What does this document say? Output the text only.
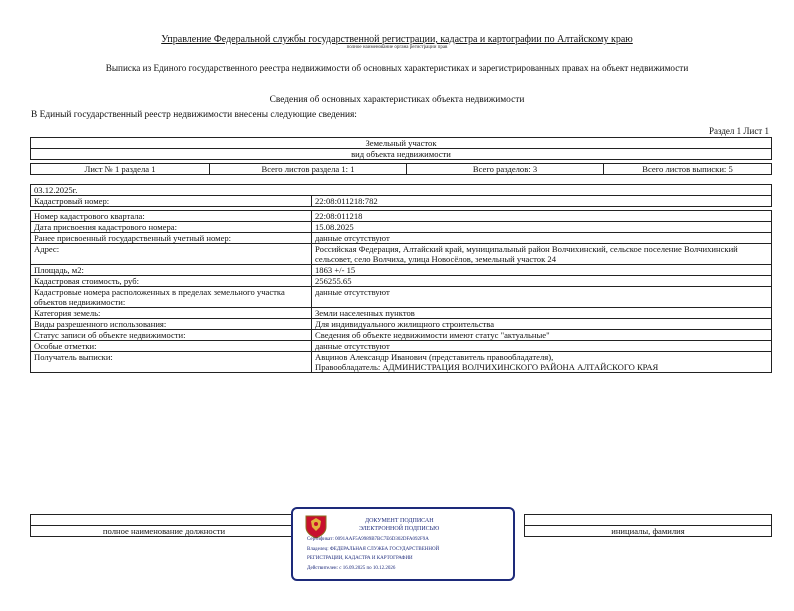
Управление Федеральной службы государственной регистрации, кадастра и картографии по Алтайскому краю
полное наименование органа регистрации прав
Выписка из Единого государственного реестра недвижимости об основных характеристиках и зарегистрированных правах на объект недвижимости
Сведения об основных характеристиках объекта недвижимости
В Единый государственный реестр недвижимости внесены следующие сведения:
Раздел 1 Лист 1
Земельный участок
вид объекта недвижимости

Лист № 1 раздела 1	Всего листов раздела 1: 1	Всего разделов: 3	Всего листов выписки: 5
03.12.2025г.	
Кадастровый номер:	22:08:011218:782

Номер кадастрового квартала:	22:08:011218
Дата присвоения кадастрового номера:	15.08.2025
Ранее присвоенный государственный учетный номер:	данные отсутствуют
Адрес:	Российская Федерация, Алтайский край, муниципальный район Волчихинский, сельское поселение Волчихинский сельсовет, село Волчиха, улица Новосёлов, земельный участок 24
Площадь, м2:	1863 +/- 15
Кадастровая стоимость, руб:	256255.65
Кадастровые номера расположенных в пределах земельного участка объектов недвижимости:	данные отсутствуют
Категория земель:	Земли населенных пунктов
Виды разрешенного использования:	Для индивидуального жилищного строительства
Статус записи об объекте недвижимости:	Сведения об объекте недвижимости имеют статус "актуальные"
Особые отметки:	данные отсутствуют
Получатель выписки:	Авцинов Александр Иванович (представитель правообладателя),
Правообладатель: АДМИНИСТРАЦИЯ ВОЛЧИХИНСКОГО РАЙОНА АЛТАЙСКОГО КРАЯ

полное наименование должности		инициалы, фамилия
ДОКУМЕНТ ПОДПИСАН
ЭЛЕКТРОННОЙ ПОДПИСЬЮ
Сертификат: 0091AAF5A9989B7BC7E6D302DFA092F9A
Владелец: ФЕДЕРАЛЬНАЯ СЛУЖБА ГОСУДАРСТВЕННОЙ
РЕГИСТРАЦИИ, КАДАСТРА И КАРТОГРАФИИ
Действителен: с 16.09.2025 по 10.12.2026
